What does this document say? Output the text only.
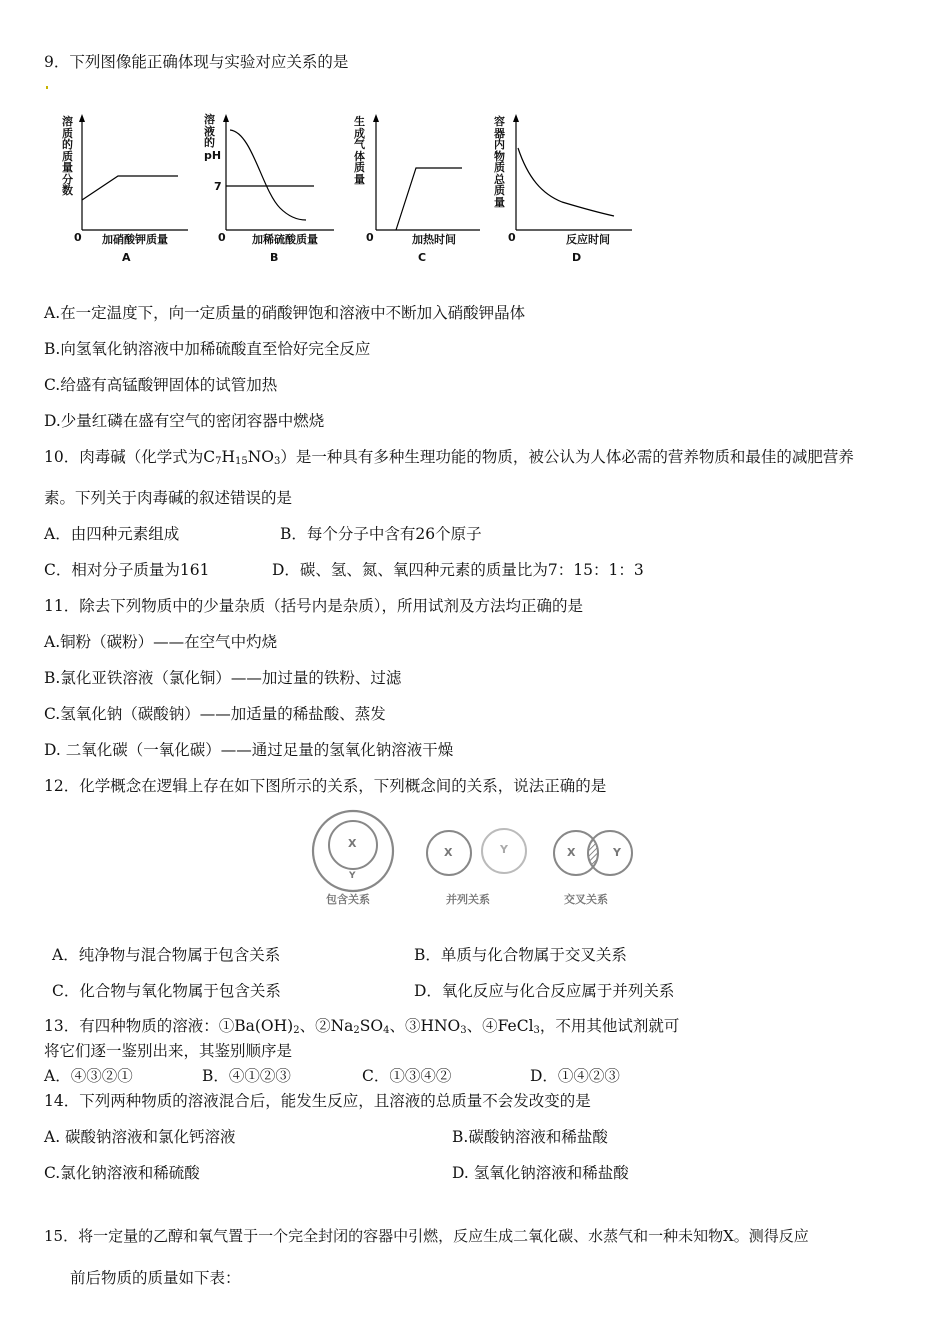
9．下列图像能正确体现与实验对应关系的是
溶质的质量分数
0 加硝酸钾质量
A
溶液的
pH
7
0 加稀硫酸质量
B
生成气体质量
0	加热时间
C
容器内物质总质量
0	反应时间
D
A.在一定温度下，向一定质量的硝酸钾饱和溶液中不断加入硝酸钾晶体
B.向氢氧化钠溶液中加稀硫酸直至恰好完全反应
C.给盛有高锰酸钾固体的试管加热
D.少量红磷在盛有空气的密闭容器中燃烧
10．肉毒碱（化学式为$C_7H_{15}NO_3$）是一种具有多种生理功能的物质，被公认为人体必需的营养物质和最佳的减肥营养
素。下列关于肉毒碱的叙述错误的是
A．由四种元素组成	B．每个分子中含有26个原子
C．相对分子质量为161	D．碳、氢、氮、氧四种元素的质量比为7：15：1：3
11．除去下列物质中的少量杂质（括号内是杂质），所用试剂及方法均正确的是
A.铜粉（碳粉）——在空气中灼烧
B.氯化亚铁溶液（氯化铜）——加过量的铁粉、过滤
C.氢氧化钠（碳酸钠）——加适量的稀盐酸、蒸发
D. 二氧化碳（一氧化碳）——通过足量的氢氧化钠溶液干燥
12．化学概念在逻辑上存在如下图所示的关系，下列概念间的关系，说法正确的是
X
Y
X	Y	X	Y
包含关系	并列关系	交叉关系
A．纯净物与混合物属于包含关系	B．单质与化合物属于交叉关系
C．化合物与氧化物属于包含关系	D．氧化反应与化合反应属于并列关系
13．有四种物质的溶液：$①Ba(OH)_2$、$②Na_2SO_4$、$③HNO_3$、④FeCl$_3$，不用其他试剂就可
将它们逐一鉴别出来，其鉴别顺序是
A．④③②①	B．④①②③	C．①③④②	D．①④②③
14．下列两种物质的溶液混合后，能发生反应，且溶液的总质量不会发改变的是
A. 碳酸钠溶液和氯化钙溶液	B.碳酸钠溶液和稀盐酸
C.氯化钠溶液和稀硫酸	D. 氢氧化钠溶液和稀盐酸
15．将一定量的乙醇和氧气置于一个完全封闭的容器中引燃，反应生成二氧化碳、水蒸气和一种未知物X。测得反应
前后物质的质量如下表：
